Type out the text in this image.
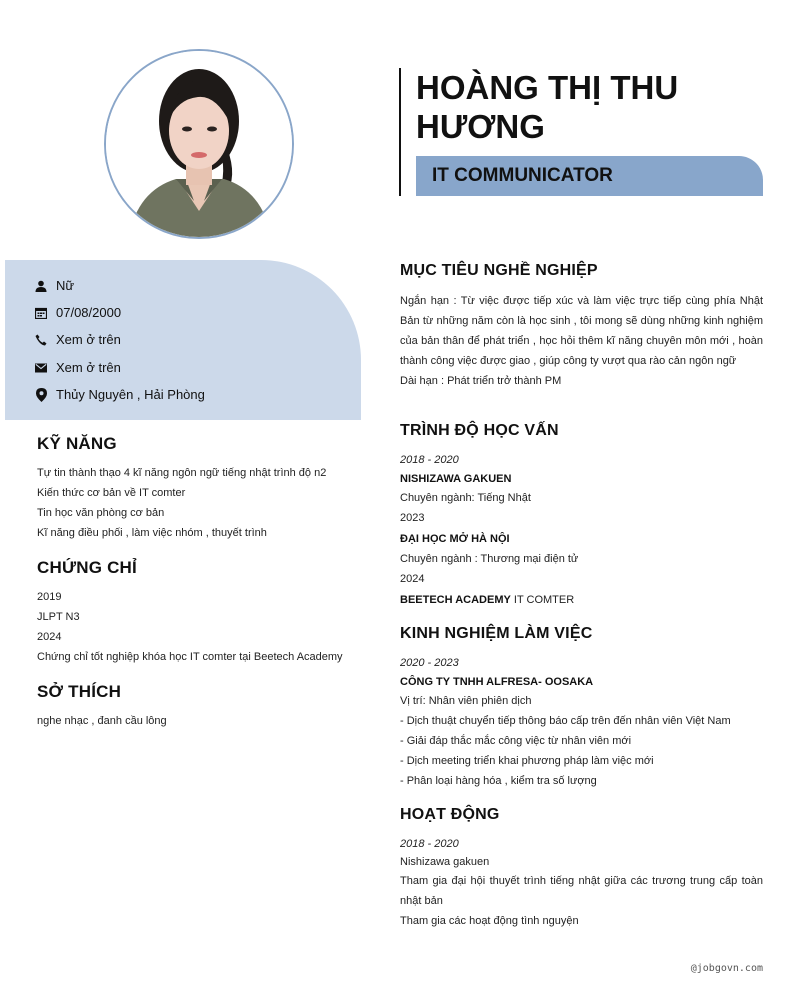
Nữ
07/08/2000
Xem ở trên
Xem ở trên
Thủy Nguyên , Hải Phòng
KỸ NĂNG
Tự tin thành thạo 4 kĩ năng ngôn ngữ tiếng nhật trình độ n2
Kiến thức cơ bản về IT comter
Tin học văn phòng cơ bản
Kĩ năng điều phối , làm việc nhóm , thuyết trình
CHỨNG CHỈ
2019
JLPT N3
2024
Chứng chỉ tốt nghiệp khóa học IT comter tại Beetech Academy
SỞ THÍCH
nghe nhạc , đanh cầu lông
HOÀNG THỊ THU
HƯƠNG
IT COMMUNICATOR
MỤC TIÊU NGHỀ NGHIỆP
Ngắn hạn : Từ việc được tiếp xúc và làm việc trực tiếp cùng phía Nhật Bản từ những năm còn là học sinh , tôi mong sẽ dùng những kinh nghiệm của bản thân để phát triển , học hỏi thêm kĩ năng chuyên môn mới , hoàn thành công việc được giao , giúp công ty vượt qua rào cản ngôn ngữ
Dài hạn : Phát triển trở thành PM
TRÌNH ĐỘ HỌC VẤN
2018 - 2020
NISHIZAWA GAKUEN
Chuyên ngành: Tiếng Nhật
2023
ĐẠI HỌC MỞ HÀ NỘI
Chuyên ngành : Thương mại điện tử
2024
BEETECH ACADEMY IT COMTER
KINH NGHIỆM LÀM VIỆC
2020 - 2023
CÔNG TY TNHH ALFRESA- OOSAKA
Vị trí: Nhân viên phiên dịch
- Dịch thuật chuyển tiếp thông báo cấp trên đến nhân viên Việt Nam
- Giải đáp thắc mắc công việc từ nhân viên mới
- Dịch meeting triển khai phương pháp làm việc mới
- Phân loại hàng hóa , kiểm tra số lượng
HOẠT ĐỘNG
2018 - 2020
Nishizawa gakuen
Tham gia đại hội thuyết trình tiếng nhật giữa các trương trung cấp toàn nhật bản
Tham gia các hoạt động tình nguyện
@jobgovn.com
